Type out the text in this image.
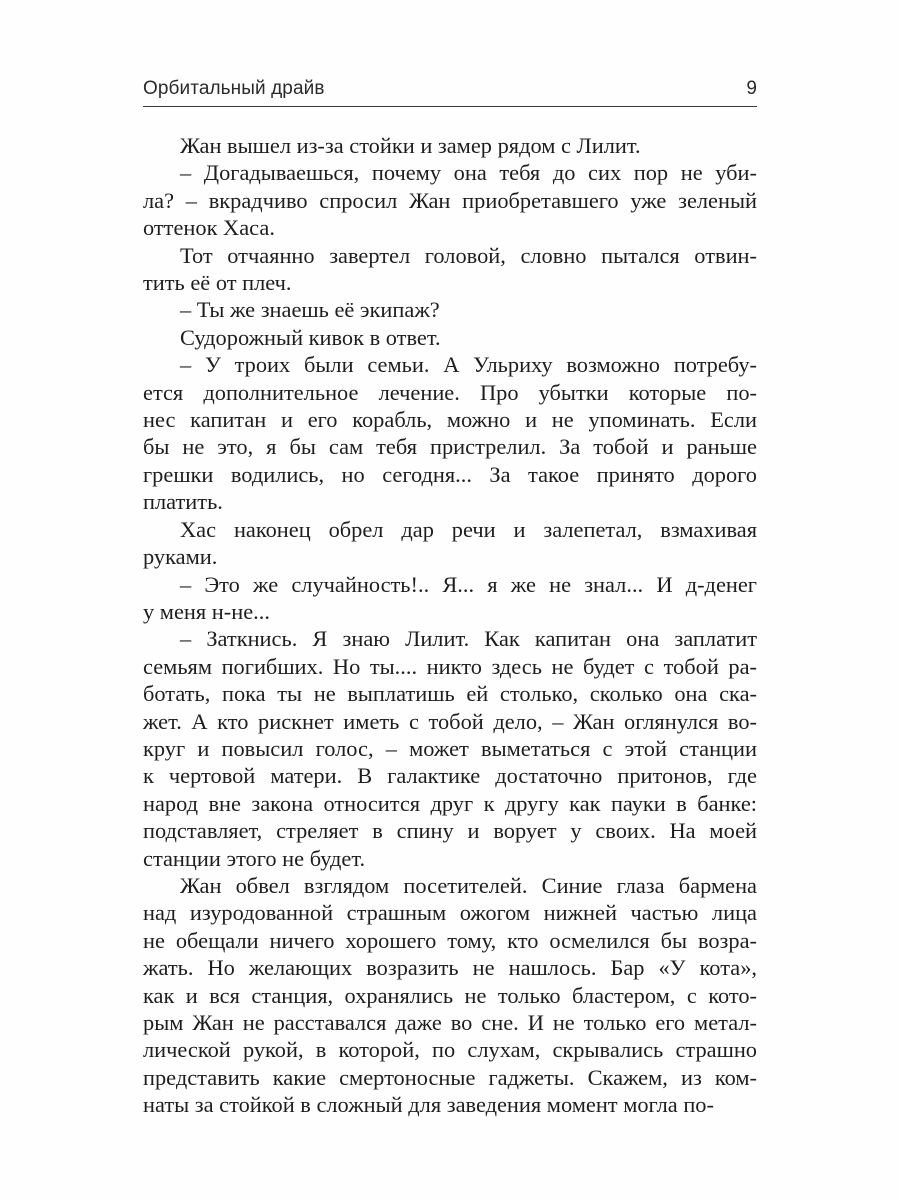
Орбитальный драйв	9

Жан вышел из-за стойки и замер рядом с Лилит.

– Догадываешься, почему она тебя до сих пор не уби-
ла? – вкрадчиво спросил Жан приобретавшего уже зеленый
оттенок Хаса.

Тот отчаянно завертел головой, словно пытался отвин-
тить её от плеч.

– Ты же знаешь её экипаж?

Судорожный кивок в ответ.

– У троих были семьи. А Ульриху возможно потребу-
ется дополнительное лечение. Про убытки которые по-
нес капитан и его корабль, можно и не упоминать. Если
бы не это, я бы сам тебя пристрелил. За тобой и раньше
грешки водились, но сегодня... За такое принято дорого
платить.

Хас наконец обрел дар речи и залепетал, взмахивая
руками.

– Это же случайность!.. Я... я же не знал... И д-денег
у меня н-не...

– Заткнись. Я знаю Лилит. Как капитан она заплатит
семьям погибших. Но ты.... никто здесь не будет с тобой ра-
ботать, пока ты не выплатишь ей столько, сколько она ска-
жет. А кто рискнет иметь с тобой дело, – Жан оглянулся во-
круг и повысил голос, – может выметаться с этой станции
к чертовой матери. В галактике достаточно притонов, где
народ вне закона относится друг к другу как пауки в банке:
подставляет, стреляет в спину и ворует у своих. На моей
станции этого не будет.

Жан обвел взглядом посетителей. Синие глаза бармена
над изуродованной страшным ожогом нижней частью лица
не обещали ничего хорошего тому, кто осмелился бы возра-
жать. Но желающих возразить не нашлось. Бар «У кота»,
как и вся станция, охранялись не только бластером, с кото-
рым Жан не расставался даже во сне. И не только его метал-
лической рукой, в которой, по слухам, скрывались страшно
представить какие смертоносные гаджеты. Скажем, из ком-
наты за стойкой в сложный для заведения момент могла по-
